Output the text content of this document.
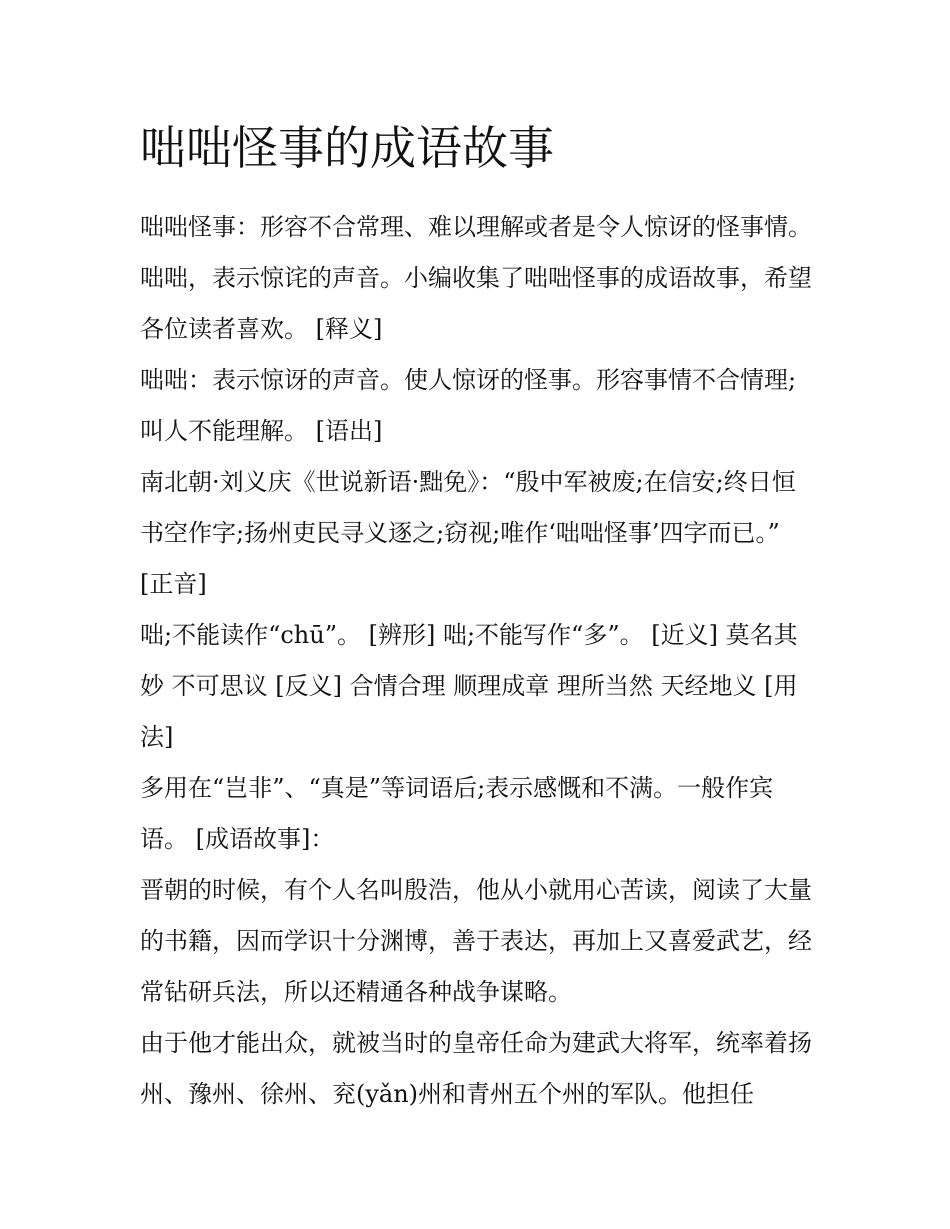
咄咄怪事的成语故事

咄咄怪事：形容不合常理、难以理解或者是令人惊讶的怪事情。咄咄，表示惊诧的声音。小编收集了咄咄怪事的成语故事，希望各位读者喜欢。 [释义]

咄咄：表示惊讶的声音。使人惊讶的怪事。形容事情不合情理;叫人不能理解。 [语出]

南北朝·刘义庆《世说新语·黜免》：“殷中军被废;在信安;终日恒书空作字;扬州吏民寻义逐之;窃视;唯作‘咄咄怪事’四字而已。” [正音]

咄;不能读作“chū”。 [辨形] 咄;不能写作“多”。 [近义] 莫名其妙 不可思议 [反义] 合情合理 顺理成章 理所当然 天经地义 [用法]

多用在“岂非”、“真是”等词语后;表示感慨和不满。一般作宾语。 [成语故事]：

晋朝的时候，有个人名叫殷浩，他从小就用心苦读，阅读了大量的书籍，因而学识十分渊博，善于表达，再加上又喜爱武艺，经常钻研兵法，所以还精通各种战争谋略。

由于他才能出众，就被当时的皇帝任命为建武大将军，统率着扬州、豫州、徐州、兖(yǎn)州和青州五个州的军队。他担任
